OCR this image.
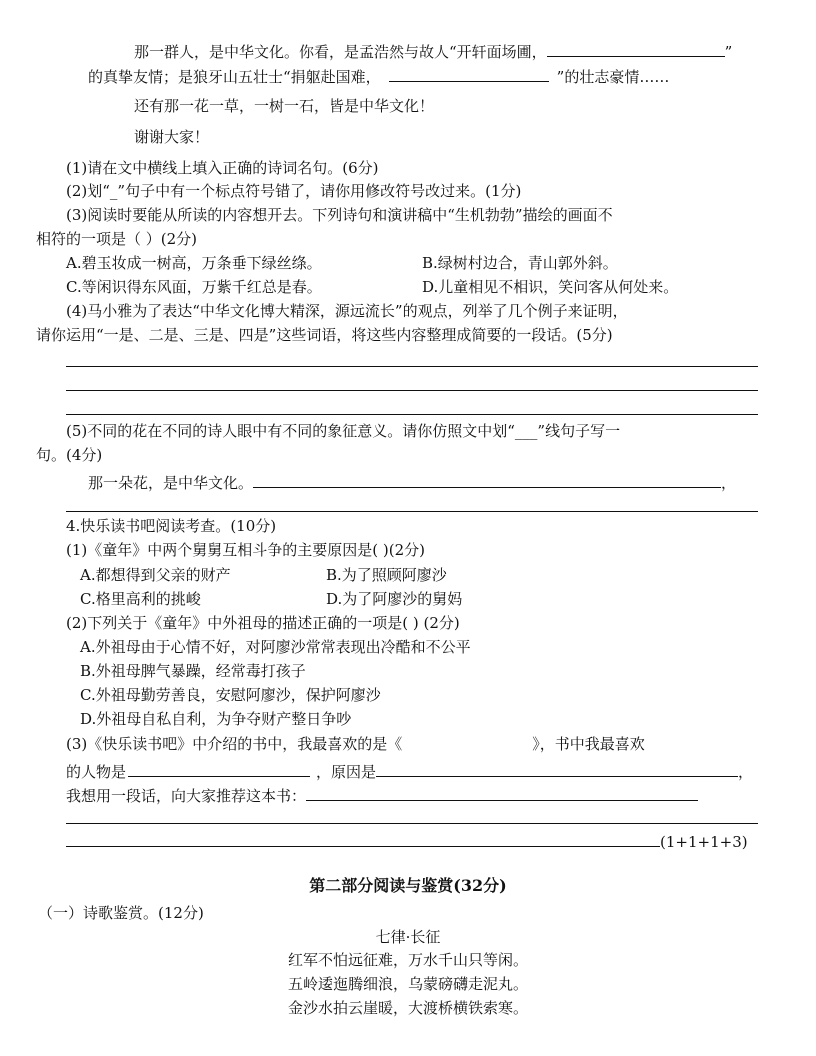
那一群人，是中华文化。你看，是孟浩然与故人“开轩面场圃，	”
的真挚友情；是狼牙山五壮士“捐躯赴国难，	”的壮志豪情……
还有那一花一草，一树一石，皆是中华文化！
谢谢大家！
(1)请在文中横线上填入正确的诗词名句。(6分)
(2)划“_”句子中有一个标点符号错了，请你用修改符号改过来。(1分)
(3)阅读时要能从所读的内容想开去。下列诗句和演讲稿中“生机勃勃”描绘的画面不
相符的一项是（ ）(2分)
A.碧玉妆成一树高，万条垂下绿丝绦。	B.绿树村边合，青山郭外斜。
C.等闲识得东风面，万紫千红总是春。	D.儿童相见不相识，笑问客从何处来。
(4)马小雅为了表达“中华文化博大精深，源远流长”的观点，列举了几个例子来证明，
请你运用“一是、二是、三是、四是”这些词语，将这些内容整理成简要的一段话。(5分)
(5)不同的花在不同的诗人眼中有不同的象征意义。请你仿照文中划“___”线句子写一
句。(4分)
那一朵花，是中华文化。	，
4.快乐读书吧阅读考查。(10分)
(1)《童年》中两个舅舅互相斗争的主要原因是( )(2分)
A.都想得到父亲的财产	B.为了照顾阿廖沙
C.格里高利的挑峻	D.为了阿廖沙的舅妈
(2)下列关于《童年》中外祖母的描述正确的一项是( ) (2分)
A.外祖母由于心情不好，对阿廖沙常常表现出冷酷和不公平
B.外祖母脾气暴躁，经常毒打孩子
C.外祖母勤劳善良，安慰阿廖沙，保护阿廖沙
D.外祖母自私自利，为争夺财产整日争吵
(3)《快乐读书吧》中介绍的书中，我最喜欢的是《	》，书中我最喜欢
的人物是	，原因是	，
我想用一段话，向大家推荐这本书：
(1+1+1+3)
第二部分阅读与鉴赏(32分)
（一）诗歌鉴赏。(12分)
七律·长征
红军不怕远征难，万水千山只等闲。
五岭逶迤腾细浪，乌蒙磅礴走泥丸。
金沙水拍云崖暖，大渡桥横铁索寒。
